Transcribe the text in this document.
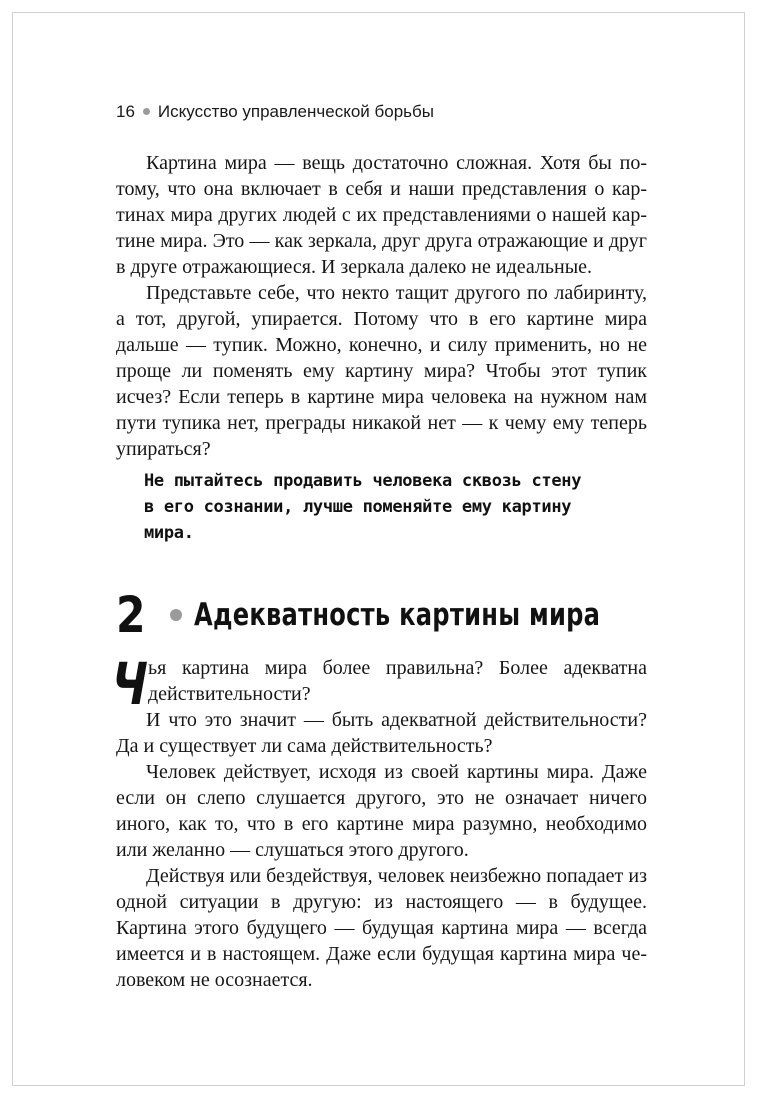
16 Искусство управленческой борьбы

Картина мира — вещь достаточно сложная. Хотя бы потому, что она включает в себя и наши представления о картинах мира других людей с их представлениями о нашей картине мира. Это — как зеркала, друг друга отражающие и друг в друге отражающиеся. И зеркала далеко не идеальные.

Представьте себе, что некто тащит другого по лабиринту, а тот, другой, упирается. Потому что в его картине мира дальше — тупик. Можно, конечно, и силу применить, но не проще ли поменять ему картину мира? Чтобы этот тупик исчез? Если теперь в картине мира человека на нужном нам пути тупика нет, преграды никакой нет — к чему ему теперь упираться?

Не пытайтесь продавить человека сквозь стену
в его сознании, лучше поменяйте ему картину
мира.
2 Адекватность картины мира

Ч
ья картина мира более правильна? Более адекватна действительности?

И что это значит — быть адекватной действительности? Да и существует ли сама действительность?

Человек действует, исходя из своей картины мира. Даже если он слепо слушается другого, это не означает ничего иного, как то, что в его картине мира разумно, необходимо или желанно — слушаться этого другого.

Действуя или бездействуя, человек неизбежно попадает из одной ситуации в другую: из настоящего — в будущее. Картина этого будущего — будущая картина мира — всегда имеется и в настоящем. Даже если будущая картина мира человеком не осознается.
